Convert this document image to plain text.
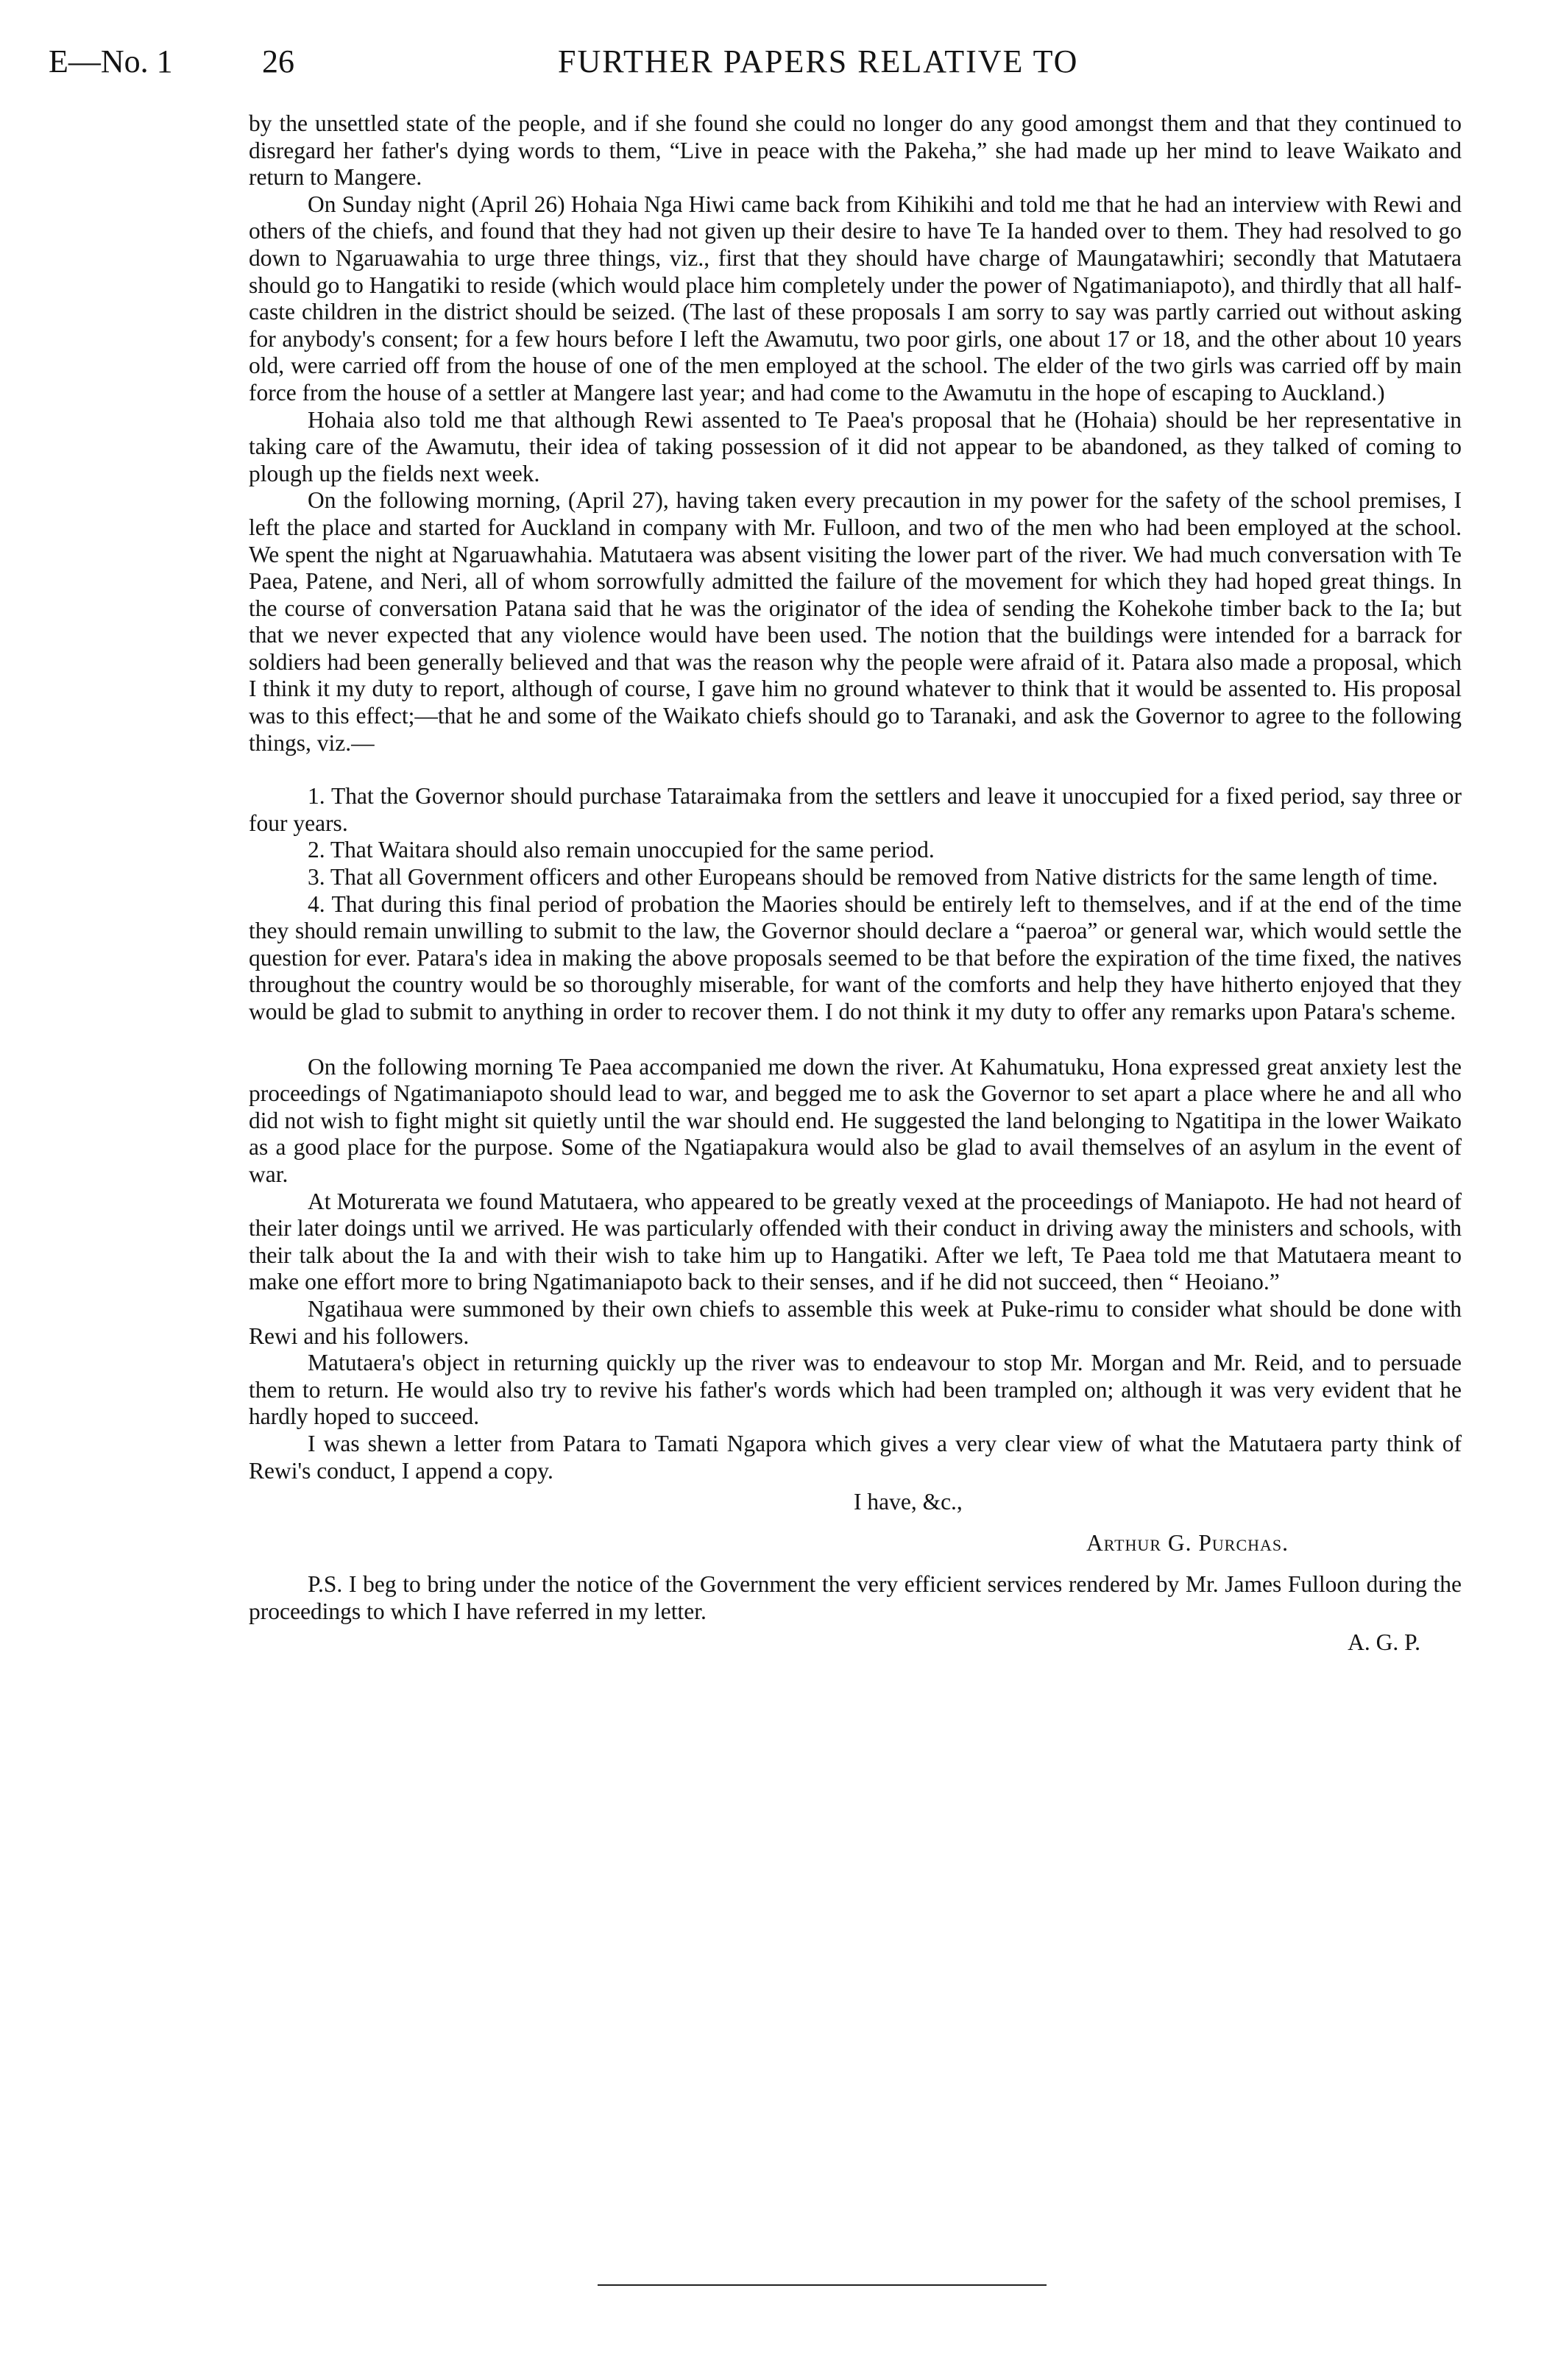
E—No. 1	26	FURTHER PAPERS RELATIVE TO

by the unsettled state of the people, and if she found she could no longer do any good amongst them and that they continued to disregard her father's dying words to them, “Live in peace with the Pakeha,” she had made up her mind to leave Waikato and return to Mangere.

On Sunday night (April 26) Hohaia Nga Hiwi came back from Kihikihi and told me that he had an interview with Rewi and others of the chiefs, and found that they had not given up their desire to have Te Ia handed over to them. They had resolved to go down to Ngaruawahia to urge three things, viz., first that they should have charge of Maungatawhiri; secondly that Matutaera should go to Hangatiki to reside (which would place him completely under the power of Ngatimaniapoto), and thirdly that all half-caste children in the district should be seized. (The last of these proposals I am sorry to say was partly carried out without asking for anybody's consent; for a few hours before I left the Awamutu, two poor girls, one about 17 or 18, and the other about 10 years old, were carried off from the house of one of the men employed at the school. The elder of the two girls was carried off by main force from the house of a settler at Mangere last year; and had come to the Awamutu in the hope of escaping to Auckland.)

Hohaia also told me that although Rewi assented to Te Paea's proposal that he (Hohaia) should be her representative in taking care of the Awamutu, their idea of taking possession of it did not appear to be abandoned, as they talked of coming to plough up the fields next week.

On the following morning, (April 27), having taken every precaution in my power for the safety of the school premises, I left the place and started for Auckland in company with Mr. Fulloon, and two of the men who had been employed at the school. We spent the night at Ngaruawhahia. Matutaera was absent visiting the lower part of the river. We had much conversation with Te Paea, Patene, and Neri, all of whom sorrowfully admitted the failure of the movement for which they had hoped great things. In the course of conversation Patana said that he was the originator of the idea of sending the Kohekohe timber back to the Ia; but that we never expected that any violence would have been used. The notion that the buildings were intended for a barrack for soldiers had been generally believed and that was the reason why the people were afraid of it. Patara also made a proposal, which I think it my duty to report, although of course, I gave him no ground whatever to think that it would be assented to. His proposal was to this effect;—that he and some of the Waikato chiefs should go to Taranaki, and ask the Governor to agree to the following things, viz.—

1. That the Governor should purchase Tataraimaka from the settlers and leave it unoccupied for a fixed period, say three or four years.

2. That Waitara should also remain unoccupied for the same period.

3. That all Government officers and other Europeans should be removed from Native districts for the same length of time.

4. That during this final period of probation the Maories should be entirely left to themselves, and if at the end of the time they should remain unwilling to submit to the law, the Governor should declare a “paeroa” or general war, which would settle the question for ever. Patara's idea in making the above proposals seemed to be that before the expiration of the time fixed, the natives throughout the country would be so thoroughly miserable, for want of the comforts and help they have hitherto enjoyed that they would be glad to submit to anything in order to recover them. I do not think it my duty to offer any remarks upon Patara's scheme.

On the following morning Te Paea accompanied me down the river. At Kahumatuku, Hona expressed great anxiety lest the proceedings of Ngatimaniapoto should lead to war, and begged me to ask the Governor to set apart a place where he and all who did not wish to fight might sit quietly until the war should end. He suggested the land belonging to Ngatitipa in the lower Waikato as a good place for the purpose. Some of the Ngatiapakura would also be glad to avail themselves of an asylum in the event of war.

At Moturerata we found Matutaera, who appeared to be greatly vexed at the proceedings of Maniapoto. He had not heard of their later doings until we arrived. He was particularly offended with their conduct in driving away the ministers and schools, with their talk about the Ia and with their wish to take him up to Hangatiki. After we left, Te Paea told me that Matutaera meant to make one effort more to bring Ngatimaniapoto back to their senses, and if he did not succeed, then “ Heoiano.”

Ngatihaua were summoned by their own chiefs to assemble this week at Puke-rimu to consider what should be done with Rewi and his followers.

Matutaera's object in returning quickly up the river was to endeavour to stop Mr. Morgan and Mr. Reid, and to persuade them to return. He would also try to revive his father's words which had been trampled on; although it was very evident that he hardly hoped to succeed.

I was shewn a letter from Patara to Tamati Ngapora which gives a very clear view of what the Matutaera party think of Rewi's conduct, I append a copy.

I have, &c.,
Arthur G. Purchas.

P.S. I beg to bring under the notice of the Government the very efficient services rendered by Mr. James Fulloon during the proceedings to which I have referred in my letter.

A. G. P.
